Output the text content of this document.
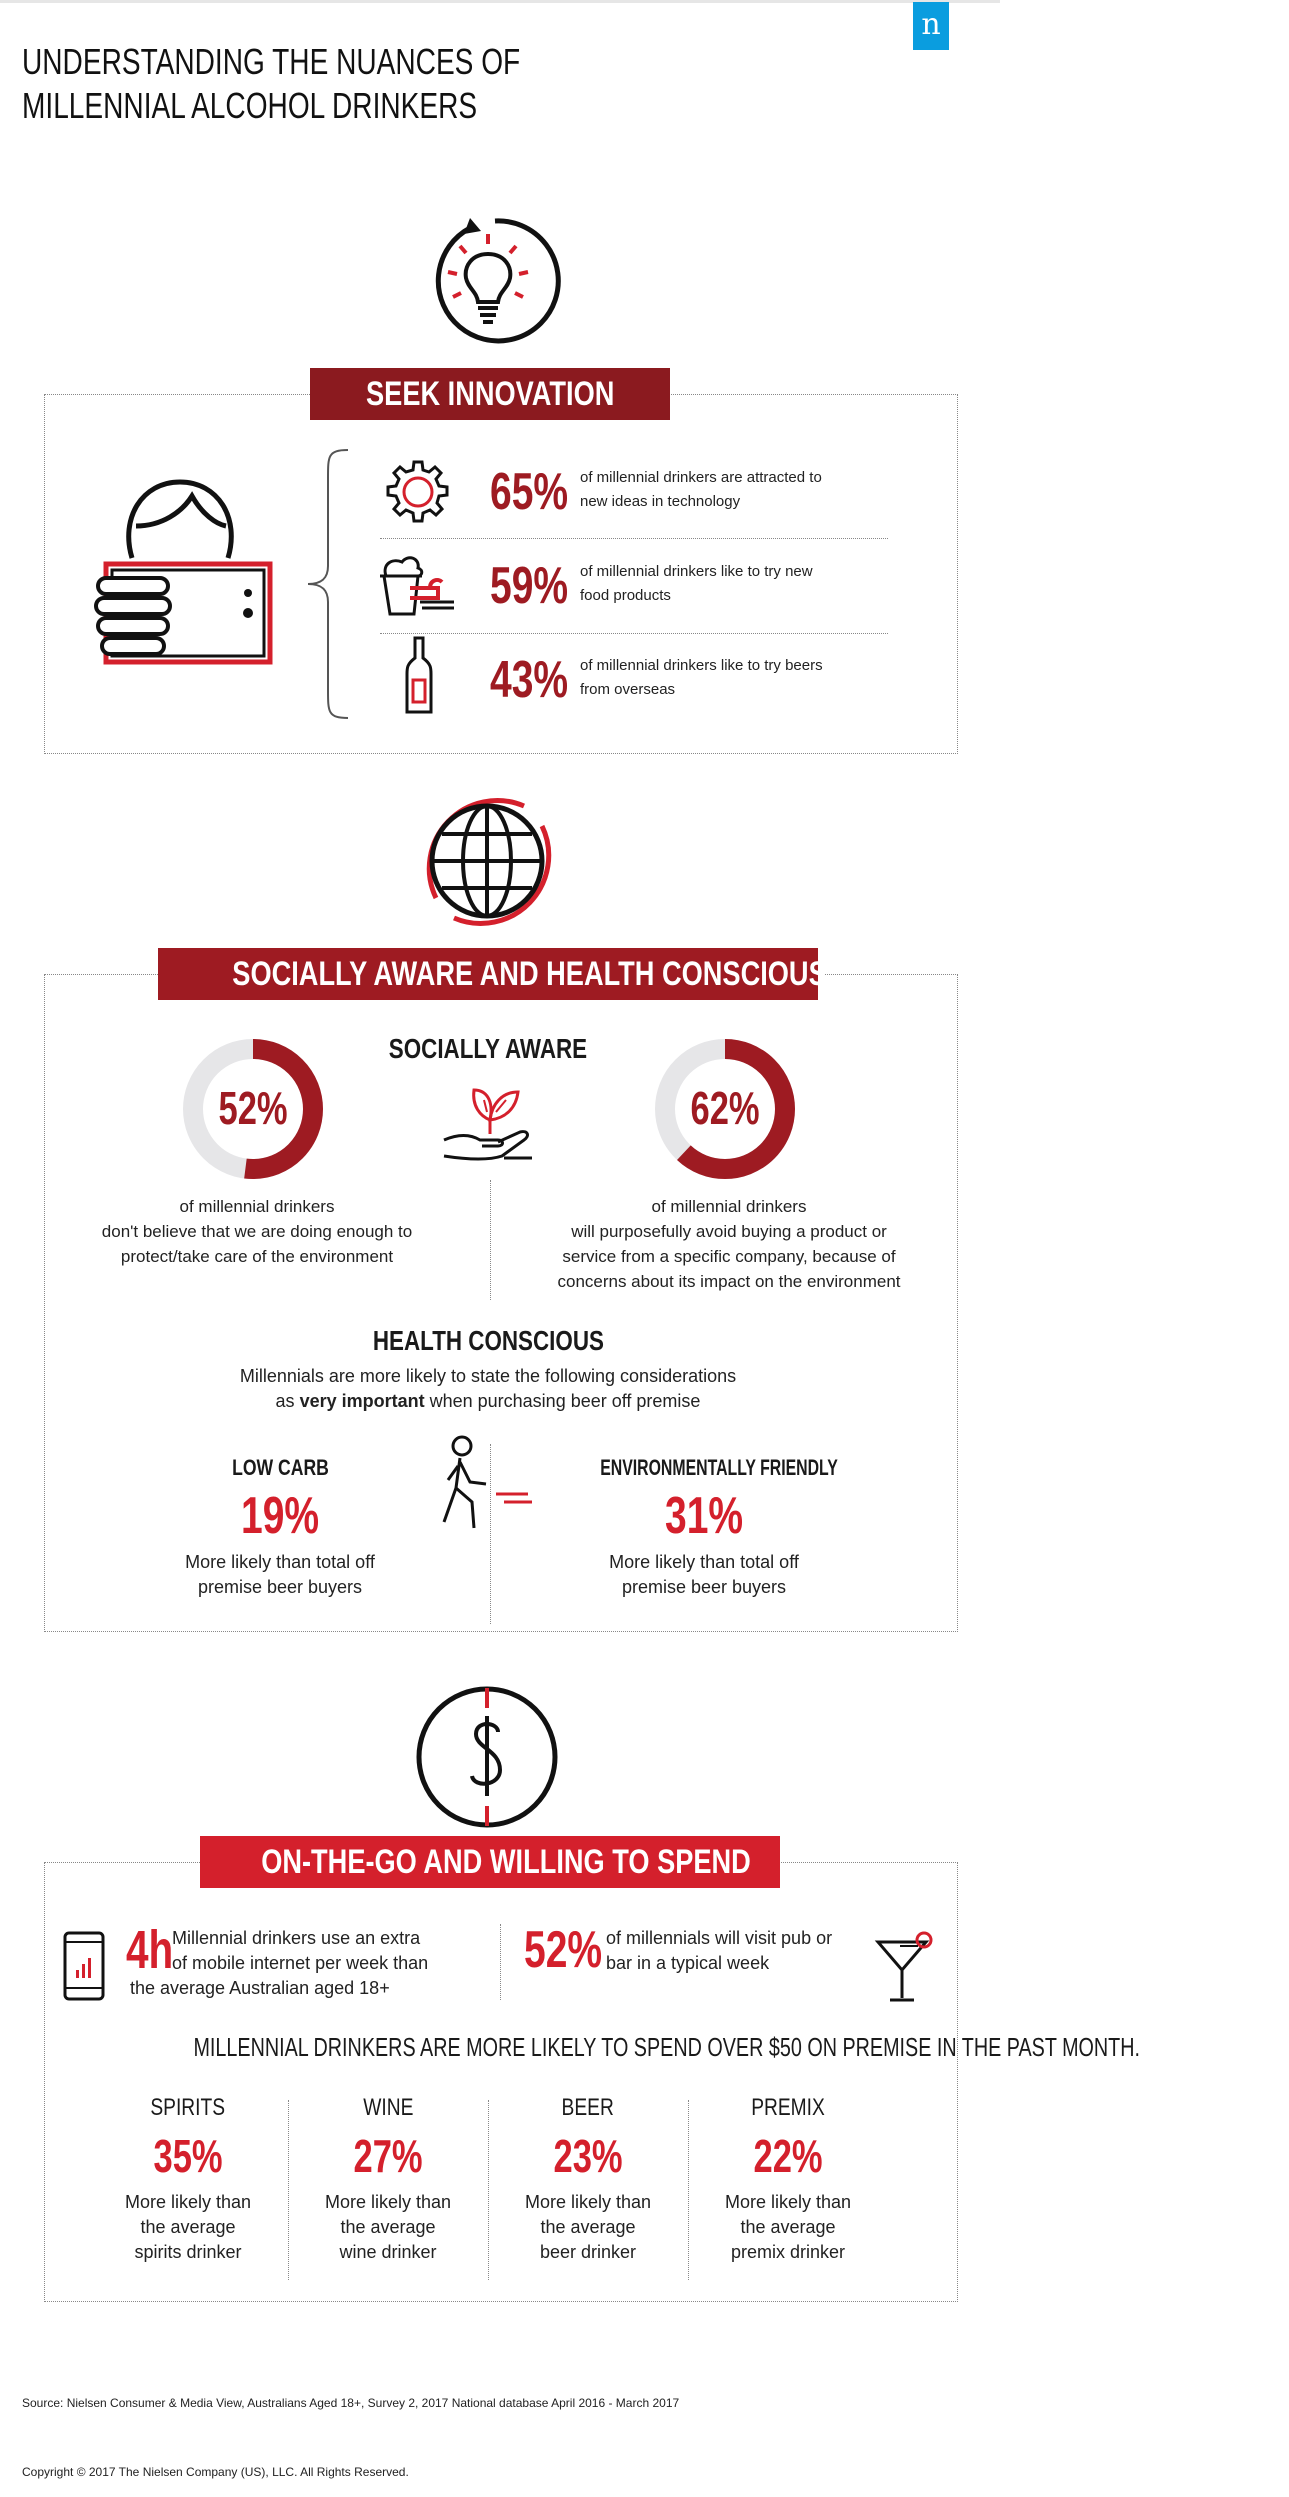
n
UNDERSTANDING THE NUANCES OF
MILLENNIAL ALCOHOL DRINKERS
SEEK INNOVATION
65% of millennial drinkers are attracted to
new ideas in technology
59% of millennial drinkers like to try new
food products
43% of millennial drinkers like to try beers
from overseas
SOCIALLY AWARE AND HEALTH CONSCIOUS
SOCIALLY AWARE
52%	62%
of millennial drinkers
don't believe that we are doing enough to
protect/take care of the environment
of millennial drinkers
will purposefully avoid buying a product or
service from a specific company, because of
concerns about its impact on the environment
HEALTH CONSCIOUS
Millennials are more likely to state the following considerations
as very important when purchasing beer off premise
LOW CARB
19%
More likely than total off
premise beer buyers
ENVIRONMENTALLY FRIENDLY
31%
More likely than total off
premise beer buyers
ON-THE-GO AND WILLING TO SPEND
4h
Millennial drinkers use an extra
of mobile internet per week than
the average Australian aged 18+
52% of millennials will visit pub or
bar in a typical week
MILLENNIAL DRINKERS ARE MORE LIKELY TO SPEND OVER $50 ON PREMISE IN THE PAST MONTH.
SPIRITS
35%
More likely than
the average
spirits drinker
WINE
27%
More likely than
the average
wine drinker
BEER
23%
More likely than
the average
beer drinker
PREMIX
22%
More likely than
the average
premix drinker
Source: Nielsen Consumer & Media View, Australians Aged 18+, Survey 2, 2017 National database April 2016 - March 2017
Copyright © 2017 The Nielsen Company (US), LLC. All Rights Reserved.
